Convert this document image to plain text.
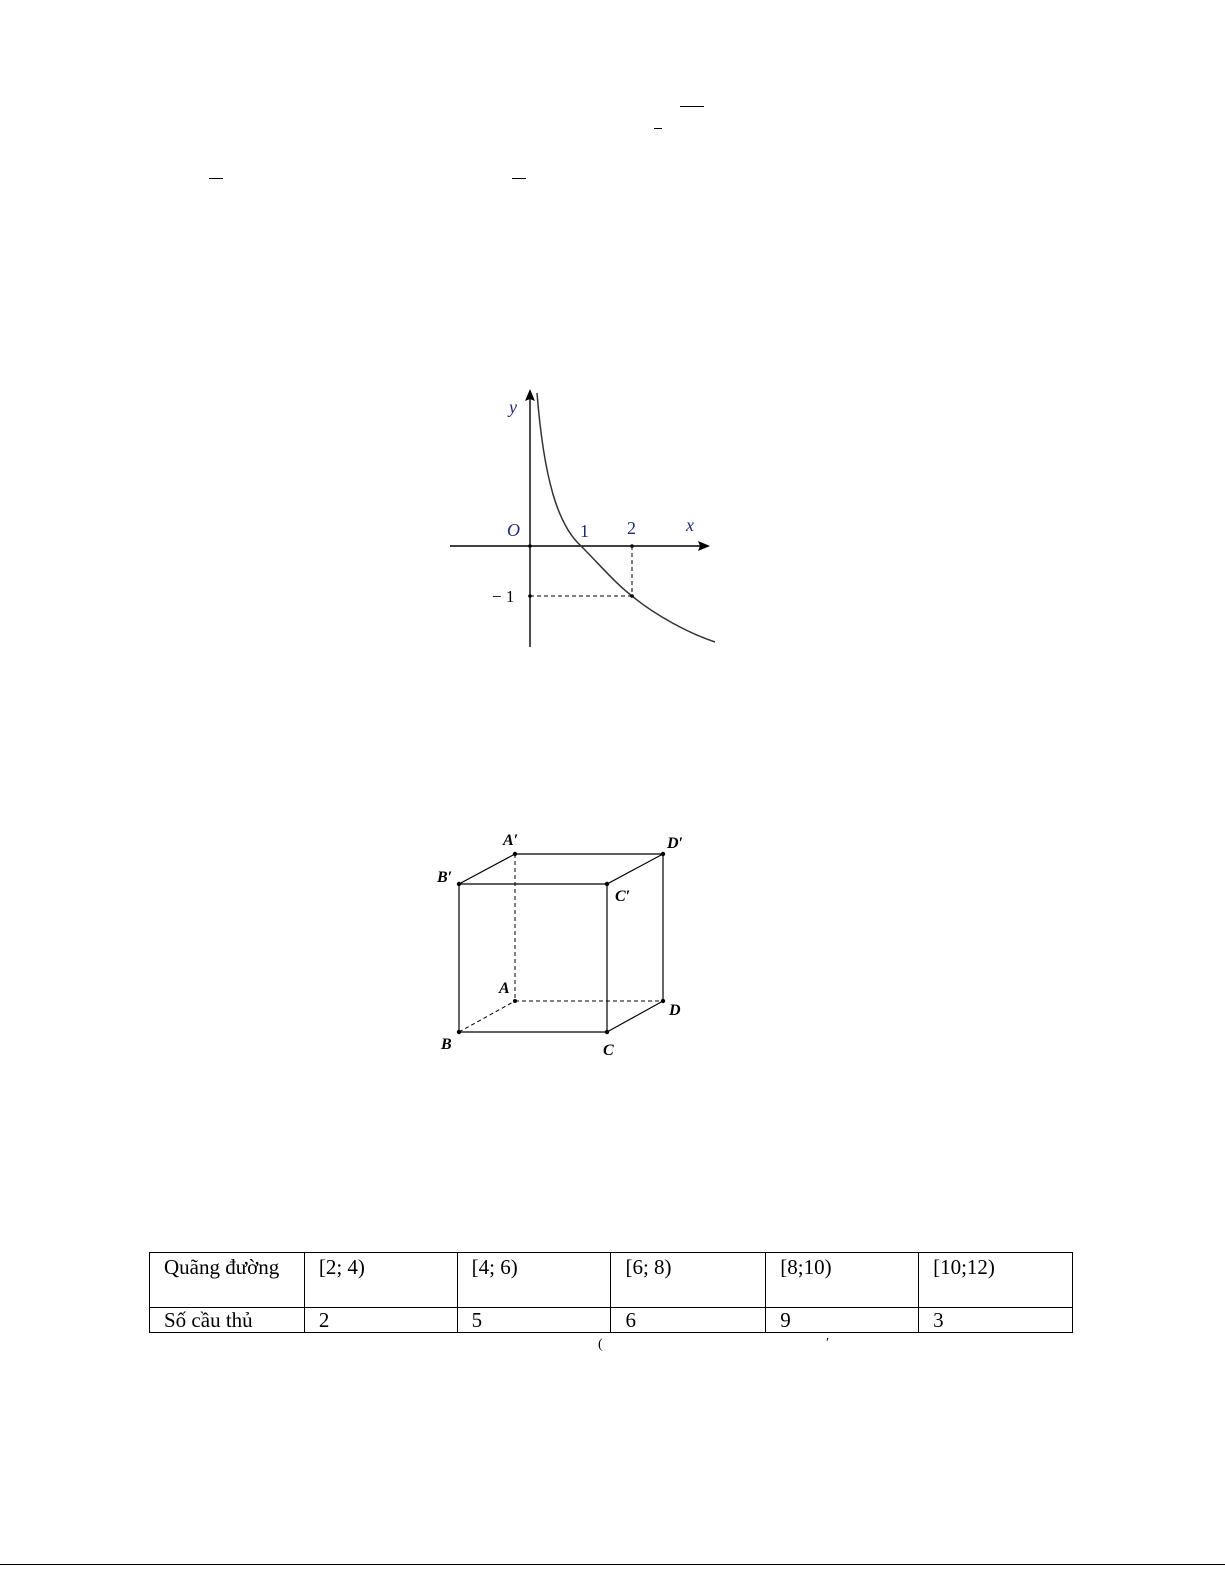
y
x
O	1 2
− 1
A′	D′
B′
C′
A
D
B	C
Quãng đường	[2; 4)	[4; 6)	[6; 8)	[8;10)	[10;12)
Số cầu thủ	2	5	6	9	3
(	′
